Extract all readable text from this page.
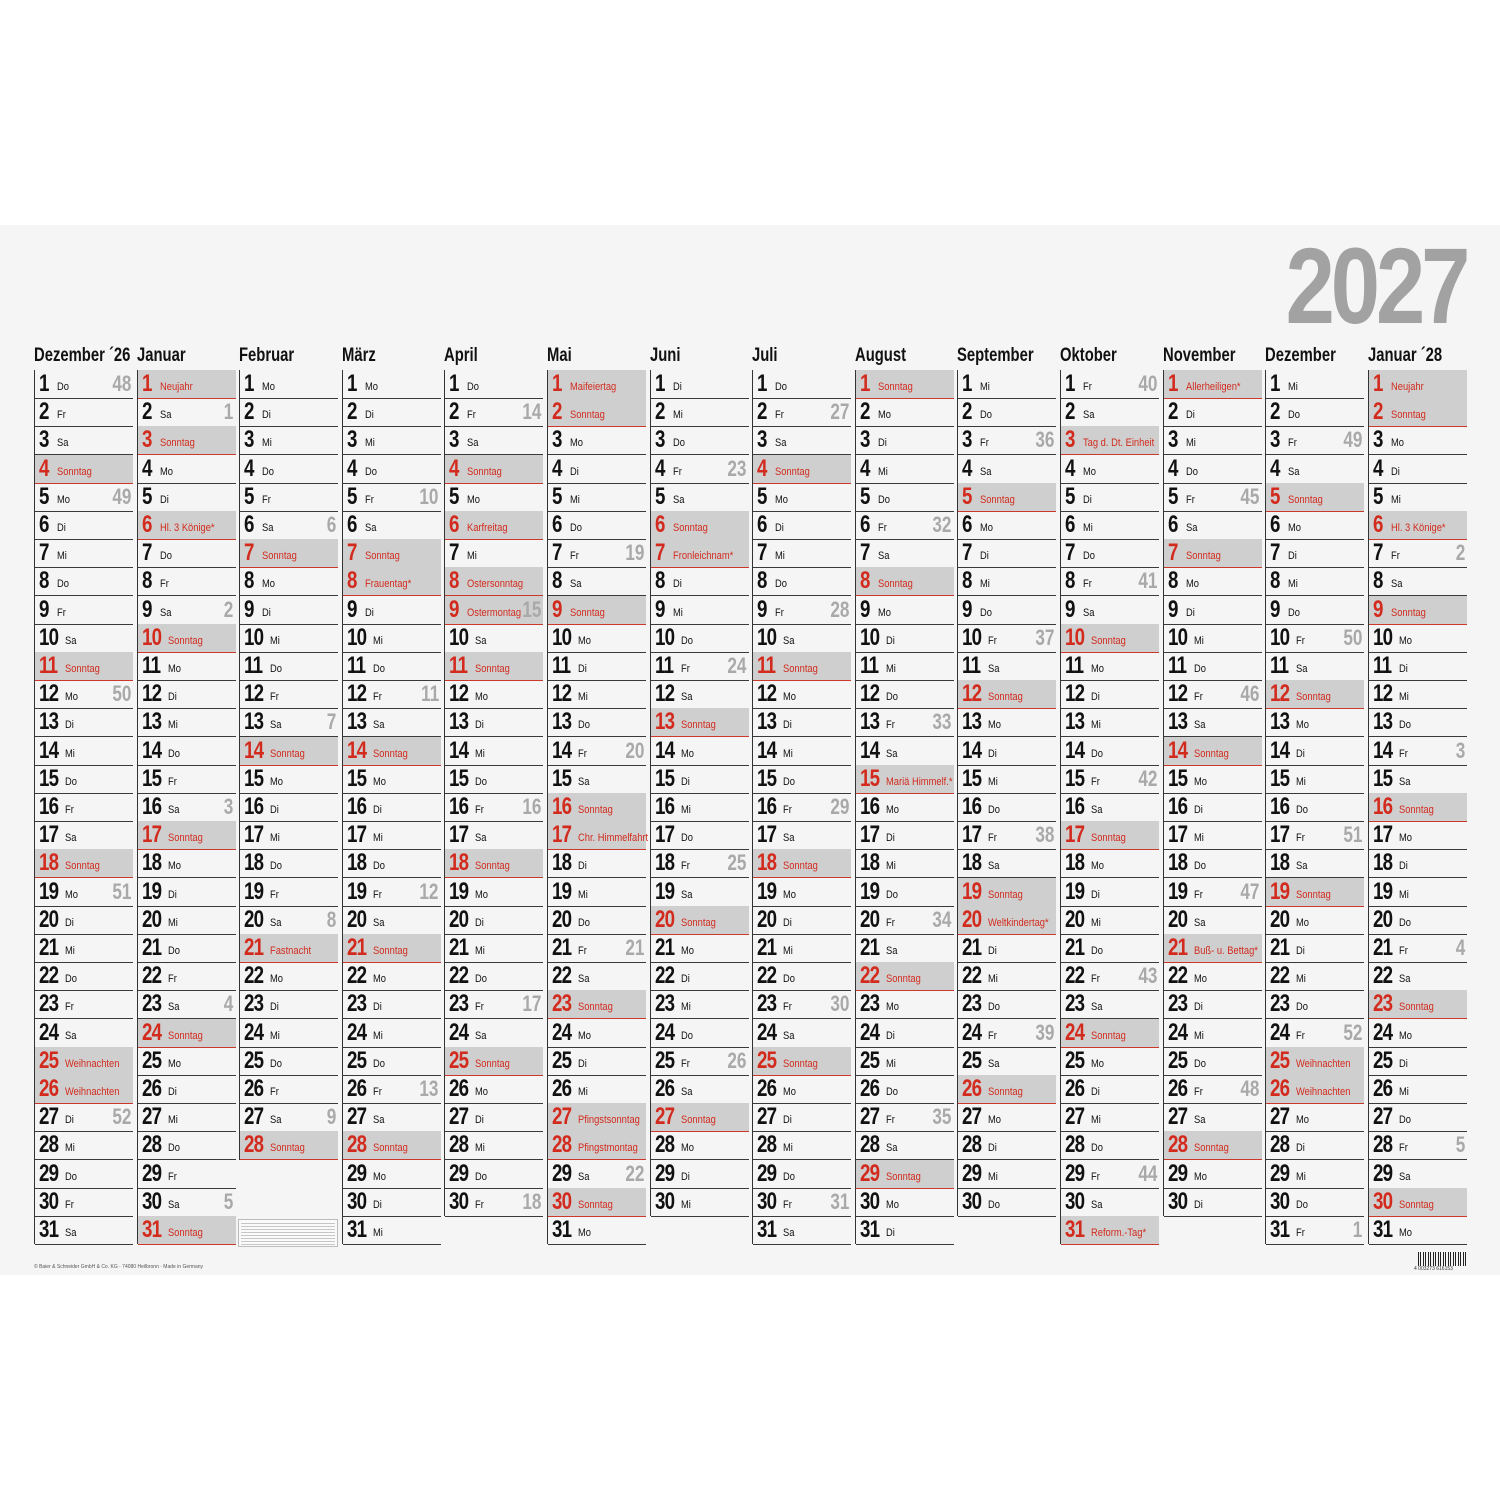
2027
Dezember ´26
1 Do 48
2 Fr
3 Sa
4 Sonntag
5 Mo 49
6 Di
7 Mi
8 Do
9 Fr
10 Sa
11 Sonntag
12 Mo 50
13 Di
14 Mi
15 Do
16 Fr
17 Sa
18 Sonntag
19 Mo 51
20 Di
21 Mi
22 Do
23 Fr
24 Sa
25 Weihnachten
26 Weihnachten
27 Di 52
28 Mi
29 Do
30 Fr
31 Sa
Januar
1 Neujahr
2 Sa 1
3 Sonntag
4 Mo
5 Di
6 Hl. 3 Könige*
7 Do
8 Fr
9 Sa 2
10 Sonntag
11 Mo
12 Di
13 Mi
14 Do
15 Fr
16 Sa 3
17 Sonntag
18 Mo
19 Di
20 Mi
21 Do
22 Fr
23 Sa 4
24 Sonntag
25 Mo
26 Di
27 Mi
28 Do
29 Fr
30 Sa 5
31 Sonntag
Februar
1 Mo
2 Di
3 Mi
4 Do
5 Fr
6 Sa 6
7 Sonntag
8 Mo
9 Di
10 Mi
11 Do
12 Fr
13 Sa 7
14 Sonntag
15 Mo
16 Di
17 Mi
18 Do
19 Fr
20 Sa 8
21 Fastnacht
22 Mo
23 Di
24 Mi
25 Do
26 Fr
27 Sa 9
28 Sonntag
März
1 Mo
2 Di
3 Mi
4 Do
5 Fr 10
6 Sa
7 Sonntag
8 Frauentag*
9 Di
10 Mi
11 Do
12 Fr 11
13 Sa
14 Sonntag
15 Mo
16 Di
17 Mi
18 Do
19 Fr 12
20 Sa
21 Sonntag
22 Mo
23 Di
24 Mi
25 Do
26 Fr 13
27 Sa
28 Sonntag
29 Mo
30 Di
31 Mi
April
1 Do
2 Fr 14
3 Sa
4 Sonntag
5 Mo
6 Karfreitag
7 Mi
8 Ostersonntag
9 Ostermontag 15
10 Sa
11 Sonntag
12 Mo
13 Di
14 Mi
15 Do
16 Fr 16
17 Sa
18 Sonntag
19 Mo
20 Di
21 Mi
22 Do
23 Fr 17
24 Sa
25 Sonntag
26 Mo
27 Di
28 Mi
29 Do
30 Fr 18
Mai
1 Maifeiertag
2 Sonntag
3 Mo
4 Di
5 Mi
6 Do
7 Fr 19
8 Sa
9 Sonntag
10 Mo
11 Di
12 Mi
13 Do
14 Fr 20
15 Sa
16 Sonntag
17 Chr. Himmelfahrt
18 Di
19 Mi
20 Do
21 Fr 21
22 Sa
23 Sonntag
24 Mo
25 Di
26 Mi
27 Pfingstsonntag
28 Pfingstmontag
29 Sa 22
30 Sonntag
31 Mo
Juni
1 Di
2 Mi
3 Do
4 Fr 23
5 Sa
6 Sonntag
7 Fronleichnam*
8 Di
9 Mi
10 Do
11 Fr 24
12 Sa
13 Sonntag
14 Mo
15 Di
16 Mi
17 Do
18 Fr 25
19 Sa
20 Sonntag
21 Mo
22 Di
23 Mi
24 Do
25 Fr 26
26 Sa
27 Sonntag
28 Mo
29 Di
30 Mi
Juli
1 Do
2 Fr 27
3 Sa
4 Sonntag
5 Mo
6 Di
7 Mi
8 Do
9 Fr 28
10 Sa
11 Sonntag
12 Mo
13 Di
14 Mi
15 Do
16 Fr 29
17 Sa
18 Sonntag
19 Mo
20 Di
21 Mi
22 Do
23 Fr 30
24 Sa
25 Sonntag
26 Mo
27 Di
28 Mi
29 Do
30 Fr 31
31 Sa
August
1 Sonntag
2 Mo
3 Di
4 Mi
5 Do
6 Fr 32
7 Sa
8 Sonntag
9 Mo
10 Di
11 Mi
12 Do
13 Fr 33
14 Sa
15 Mariä Himmelf.*
16 Mo
17 Di
18 Mi
19 Do
20 Fr 34
21 Sa
22 Sonntag
23 Mo
24 Di
25 Mi
26 Do
27 Fr 35
28 Sa
29 Sonntag
30 Mo
31 Di
September
1 Mi
2 Do
3 Fr 36
4 Sa
5 Sonntag
6 Mo
7 Di
8 Mi
9 Do
10 Fr 37
11 Sa
12 Sonntag
13 Mo
14 Di
15 Mi
16 Do
17 Fr 38
18 Sa
19 Sonntag
20 Weltkindertag*
21 Di
22 Mi
23 Do
24 Fr 39
25 Sa
26 Sonntag
27 Mo
28 Di
29 Mi
30 Do
Oktober
1 Fr 40
2 Sa
3 Tag d. Dt. Einheit
4 Mo
5 Di
6 Mi
7 Do
8 Fr 41
9 Sa
10 Sonntag
11 Mo
12 Di
13 Mi
14 Do
15 Fr 42
16 Sa
17 Sonntag
18 Mo
19 Di
20 Mi
21 Do
22 Fr 43
23 Sa
24 Sonntag
25 Mo
26 Di
27 Mi
28 Do
29 Fr 44
30 Sa
31 Reform.-Tag*
November
1 Allerheiligen*
2 Di
3 Mi
4 Do
5 Fr 45
6 Sa
7 Sonntag
8 Mo
9 Di
10 Mi
11 Do
12 Fr 46
13 Sa
14 Sonntag
15 Mo
16 Di
17 Mi
18 Do
19 Fr 47
20 Sa
21 Buß- u. Bettag*
22 Mo
23 Di
24 Mi
25 Do
26 Fr 48
27 Sa
28 Sonntag
29 Mo
30 Di
Dezember
1 Mi
2 Do
3 Fr 49
4 Sa
5 Sonntag
6 Mo
7 Di
8 Mi
9 Do
10 Fr 50
11 Sa
12 Sonntag
13 Mo
14 Di
15 Mi
16 Do
17 Fr 51
18 Sa
19 Sonntag
20 Mo
21 Di
22 Mi
23 Do
24 Fr 52
25 Weihnachten
26 Weihnachten
27 Mo
28 Di
29 Mi
30 Do
31 Fr 1
Januar ´28
1 Neujahr
2 Sonntag
3 Mo
4 Di
5 Mi
6 Hl. 3 Könige*
7 Fr	2
8 Sa
9 Sonntag
10 Mo
11 Di
12 Mi
13 Do
14 Fr 3
15 Sa
16 Sonntag
17 Mo
18 Di
19 Mi
20 Do
21 Fr 4
22 Sa
23 Sonntag
24 Mo
25 Di
26 Mi
27 Do
28 Fr 5
29 Sa
30 Sonntag
31 Mo
© Baier & Schneider GmbH & Co. KG · 74080 Heilbronn · Made in Germany	4 003273 616153
